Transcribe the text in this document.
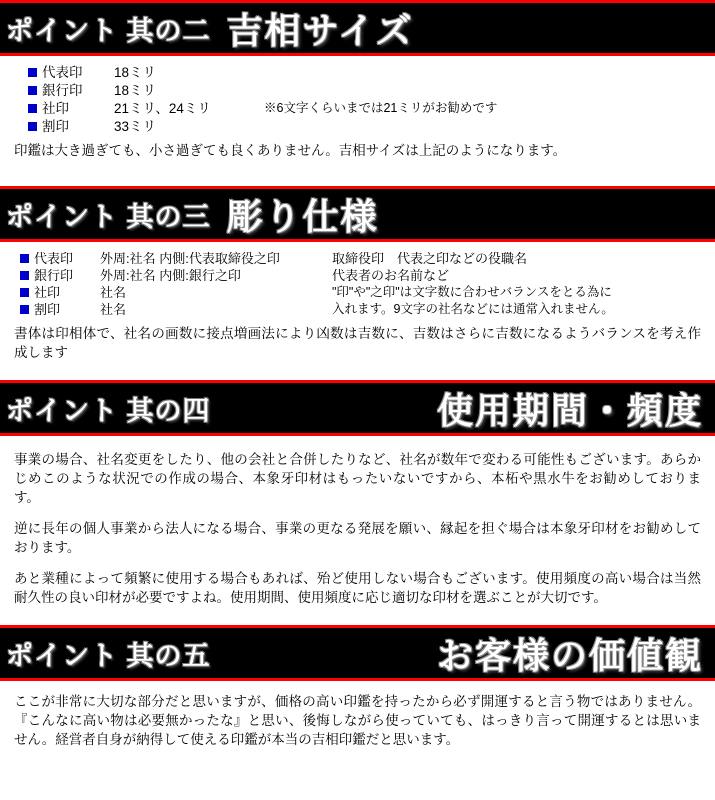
ポイント 其の二 吉相サイズ
代表印	18ミリ
銀行印	18ミリ
社印	21ミリ、24ミリ	※6文字くらいまでは21ミリがお勧めです
割印	33ミリ

印鑑は大き過ぎても、小さ過ぎても良くありません。吉相サイズは上記のようになります。

ポイント 其の三 彫り仕様
代表印	外周:社名 内側:代表取締役之印	取締役印　代表之印などの役職名
銀行印	外周:社名 内側:銀行之印	代表者のお名前など
社印	社名	"印"や"之印"は文字数に合わせバランスをとる為に
割印	社名	入れます。9文字の社名などには通常入れません。

書体は印相体で、社名の画数に接点増画法により凶数は吉数に、吉数はさらに吉数になるようバランスを考え作成します

ポイント 其の四	使用期間・頻度

事業の場合、社名変更をしたり、他の会社と合併したりなど、社名が数年で変わる可能性もございます。あらかじめこのような状況での作成の場合、本象牙印材はもったいないですから、本柘や黒水牛をお勧めしております。

逆に長年の個人事業から法人になる場合、事業の更なる発展を願い、縁起を担ぐ場合は本象牙印材をお勧めしております。

あと業種によって頻繁に使用する場合もあれば、殆ど使用しない場合もございます。使用頻度の高い場合は当然耐久性の良い印材が必要ですよね。使用期間、使用頻度に応じ適切な印材を選ぶことが大切です。

ポイント 其の五	お客様の価値観

ここが非常に大切な部分だと思いますが、価格の高い印鑑を持ったから必ず開運すると言う物ではありません。『こんなに高い物は必要無かったな』と思い、後悔しながら使っていても、はっきり言って開運するとは思いません。経営者自身が納得して使える印鑑が本当の吉相印鑑だと思います。
